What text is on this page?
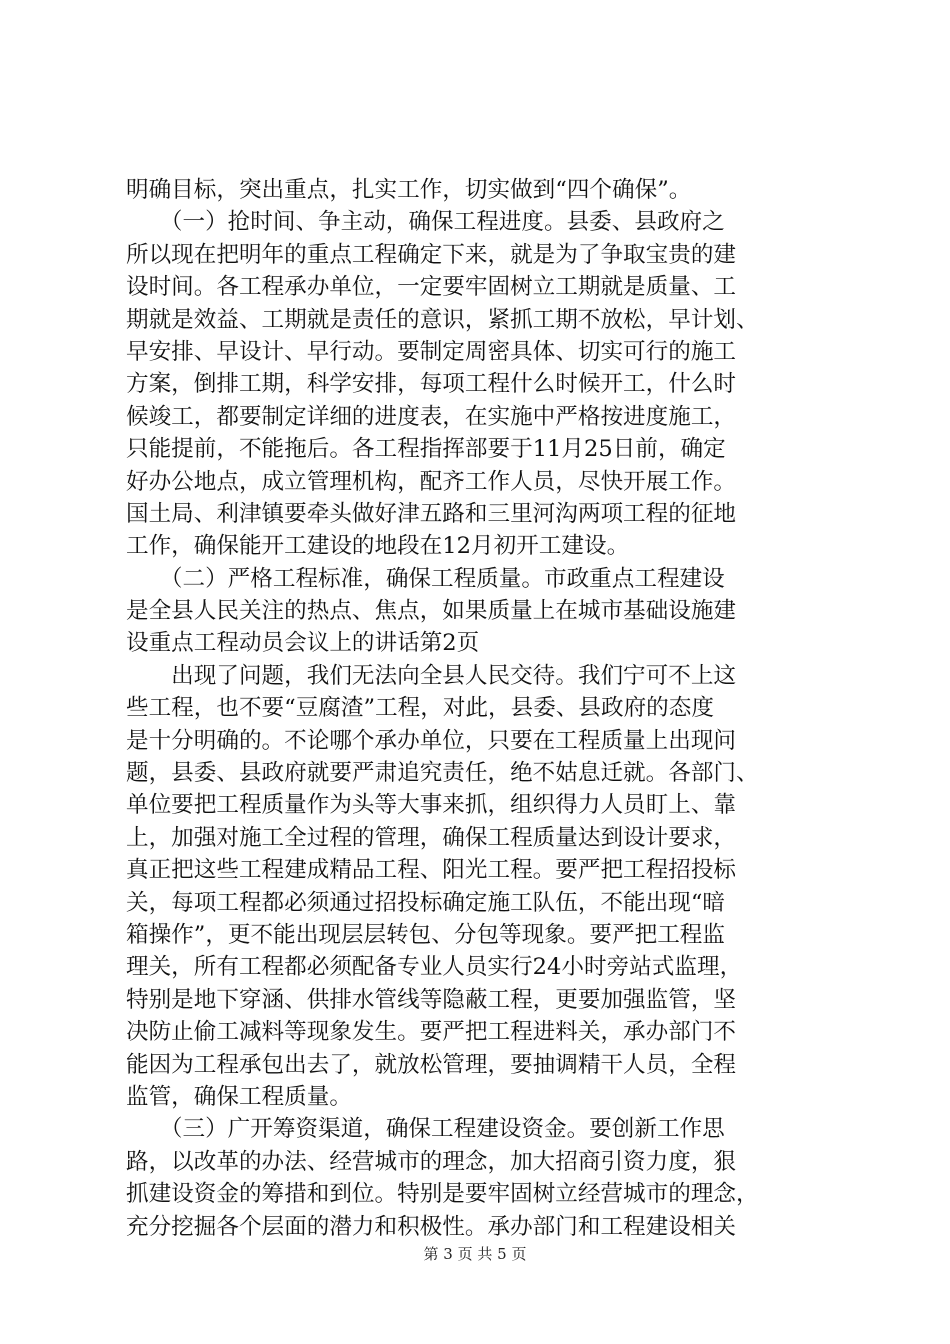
明确目标，突出重点，扎实工作，切实做到“四个确保”。
　　（一）抢时间、争主动，确保工程进度。县委、县政府之
所以现在把明年的重点工程确定下来，就是为了争取宝贵的建
设时间。各工程承办单位，一定要牢固树立工期就是质量、工
期就是效益、工期就是责任的意识，紧抓工期不放松，早计划、
早安排、早设计、早行动。要制定周密具体、切实可行的施工
方案，倒排工期，科学安排，每项工程什么时候开工，什么时
候竣工，都要制定详细的进度表，在实施中严格按进度施工，
只能提前，不能拖后。各工程指挥部要于11月25日前，确定
好办公地点，成立管理机构，配齐工作人员，尽快开展工作。
国土局、利津镇要牵头做好津五路和三里河沟两项工程的征地
工作，确保能开工建设的地段在12月初开工建设。
　　（二）严格工程标准，确保工程质量。市政重点工程建设
是全县人民关注的热点、焦点，如果质量上在城市基础设施建
设重点工程动员会议上的讲话第2页
　　出现了问题，我们无法向全县人民交待。我们宁可不上这
些工程，也不要“豆腐渣”工程，对此，县委、县政府的态度
是十分明确的。不论哪个承办单位，只要在工程质量上出现问
题，县委、县政府就要严肃追究责任，绝不姑息迁就。各部门、
单位要把工程质量作为头等大事来抓，组织得力人员盯上、靠
上，加强对施工全过程的管理，确保工程质量达到设计要求，
真正把这些工程建成精品工程、阳光工程。要严把工程招投标
关，每项工程都必须通过招投标确定施工队伍，不能出现“暗
箱操作”，更不能出现层层转包、分包等现象。要严把工程监
理关，所有工程都必须配备专业人员实行24小时旁站式监理，
特别是地下穿涵、供排水管线等隐蔽工程，更要加强监管，坚
决防止偷工减料等现象发生。要严把工程进料关，承办部门不
能因为工程承包出去了，就放松管理，要抽调精干人员，全程
监管，确保工程质量。
　　（三）广开筹资渠道，确保工程建设资金。要创新工作思
路，以改革的办法、经营城市的理念，加大招商引资力度，狠
抓建设资金的筹措和到位。特别是要牢固树立经营城市的理念，
充分挖掘各个层面的潜力和积极性。承办部门和工程建设相关
第 3 页 共 5 页
